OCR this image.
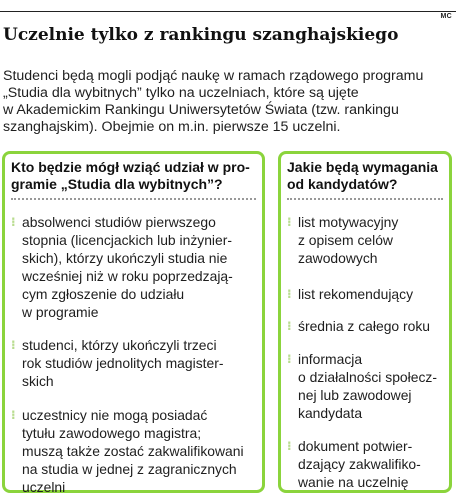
MC
Uczelnie tylko z rankingu szanghajskiego
Studenci będą mogli podjąć naukę w ramach rządowego programu
„Studia dla wybitnych” tylko na uczelniach, które są ujęte
w Akademickim Rankingu Uniwersytetów Świata (tzw. rankingu
szanghajskim). Obejmie on m.in. pierwsze 15 uczelni.
Kto będzie mógł wziąć udział w pro-
gramie „Studia dla wybitnych”?
⁝ absolwenci studiów pierwszego
stopnia (licencjackich lub inżynier-
skich), którzy ukończyli studia nie
wcześniej niż w roku poprzedzają-
cym zgłoszenie do udziału
w programie
⁝ studenci, którzy ukończyli trzeci
rok studiów jednolitych magister-
skich
⁝ uczestnicy nie mogą posiadać
tytułu zawodowego magistra;
muszą także zostać zakwalifikowani
na studia w jednej z zagranicznych
uczelni
Jakie będą wymagania
od kandydatów?
⁝ list motywacyjny
z opisem celów
zawodowych
⁝ list rekomendujący
⁝ średnia z całego roku
⁝ informacja
o działalności społecz-
nej lub zawodowej
kandydata
⁝ dokument potwier-
dzający zakwalifiko-
wanie na uczelnię
